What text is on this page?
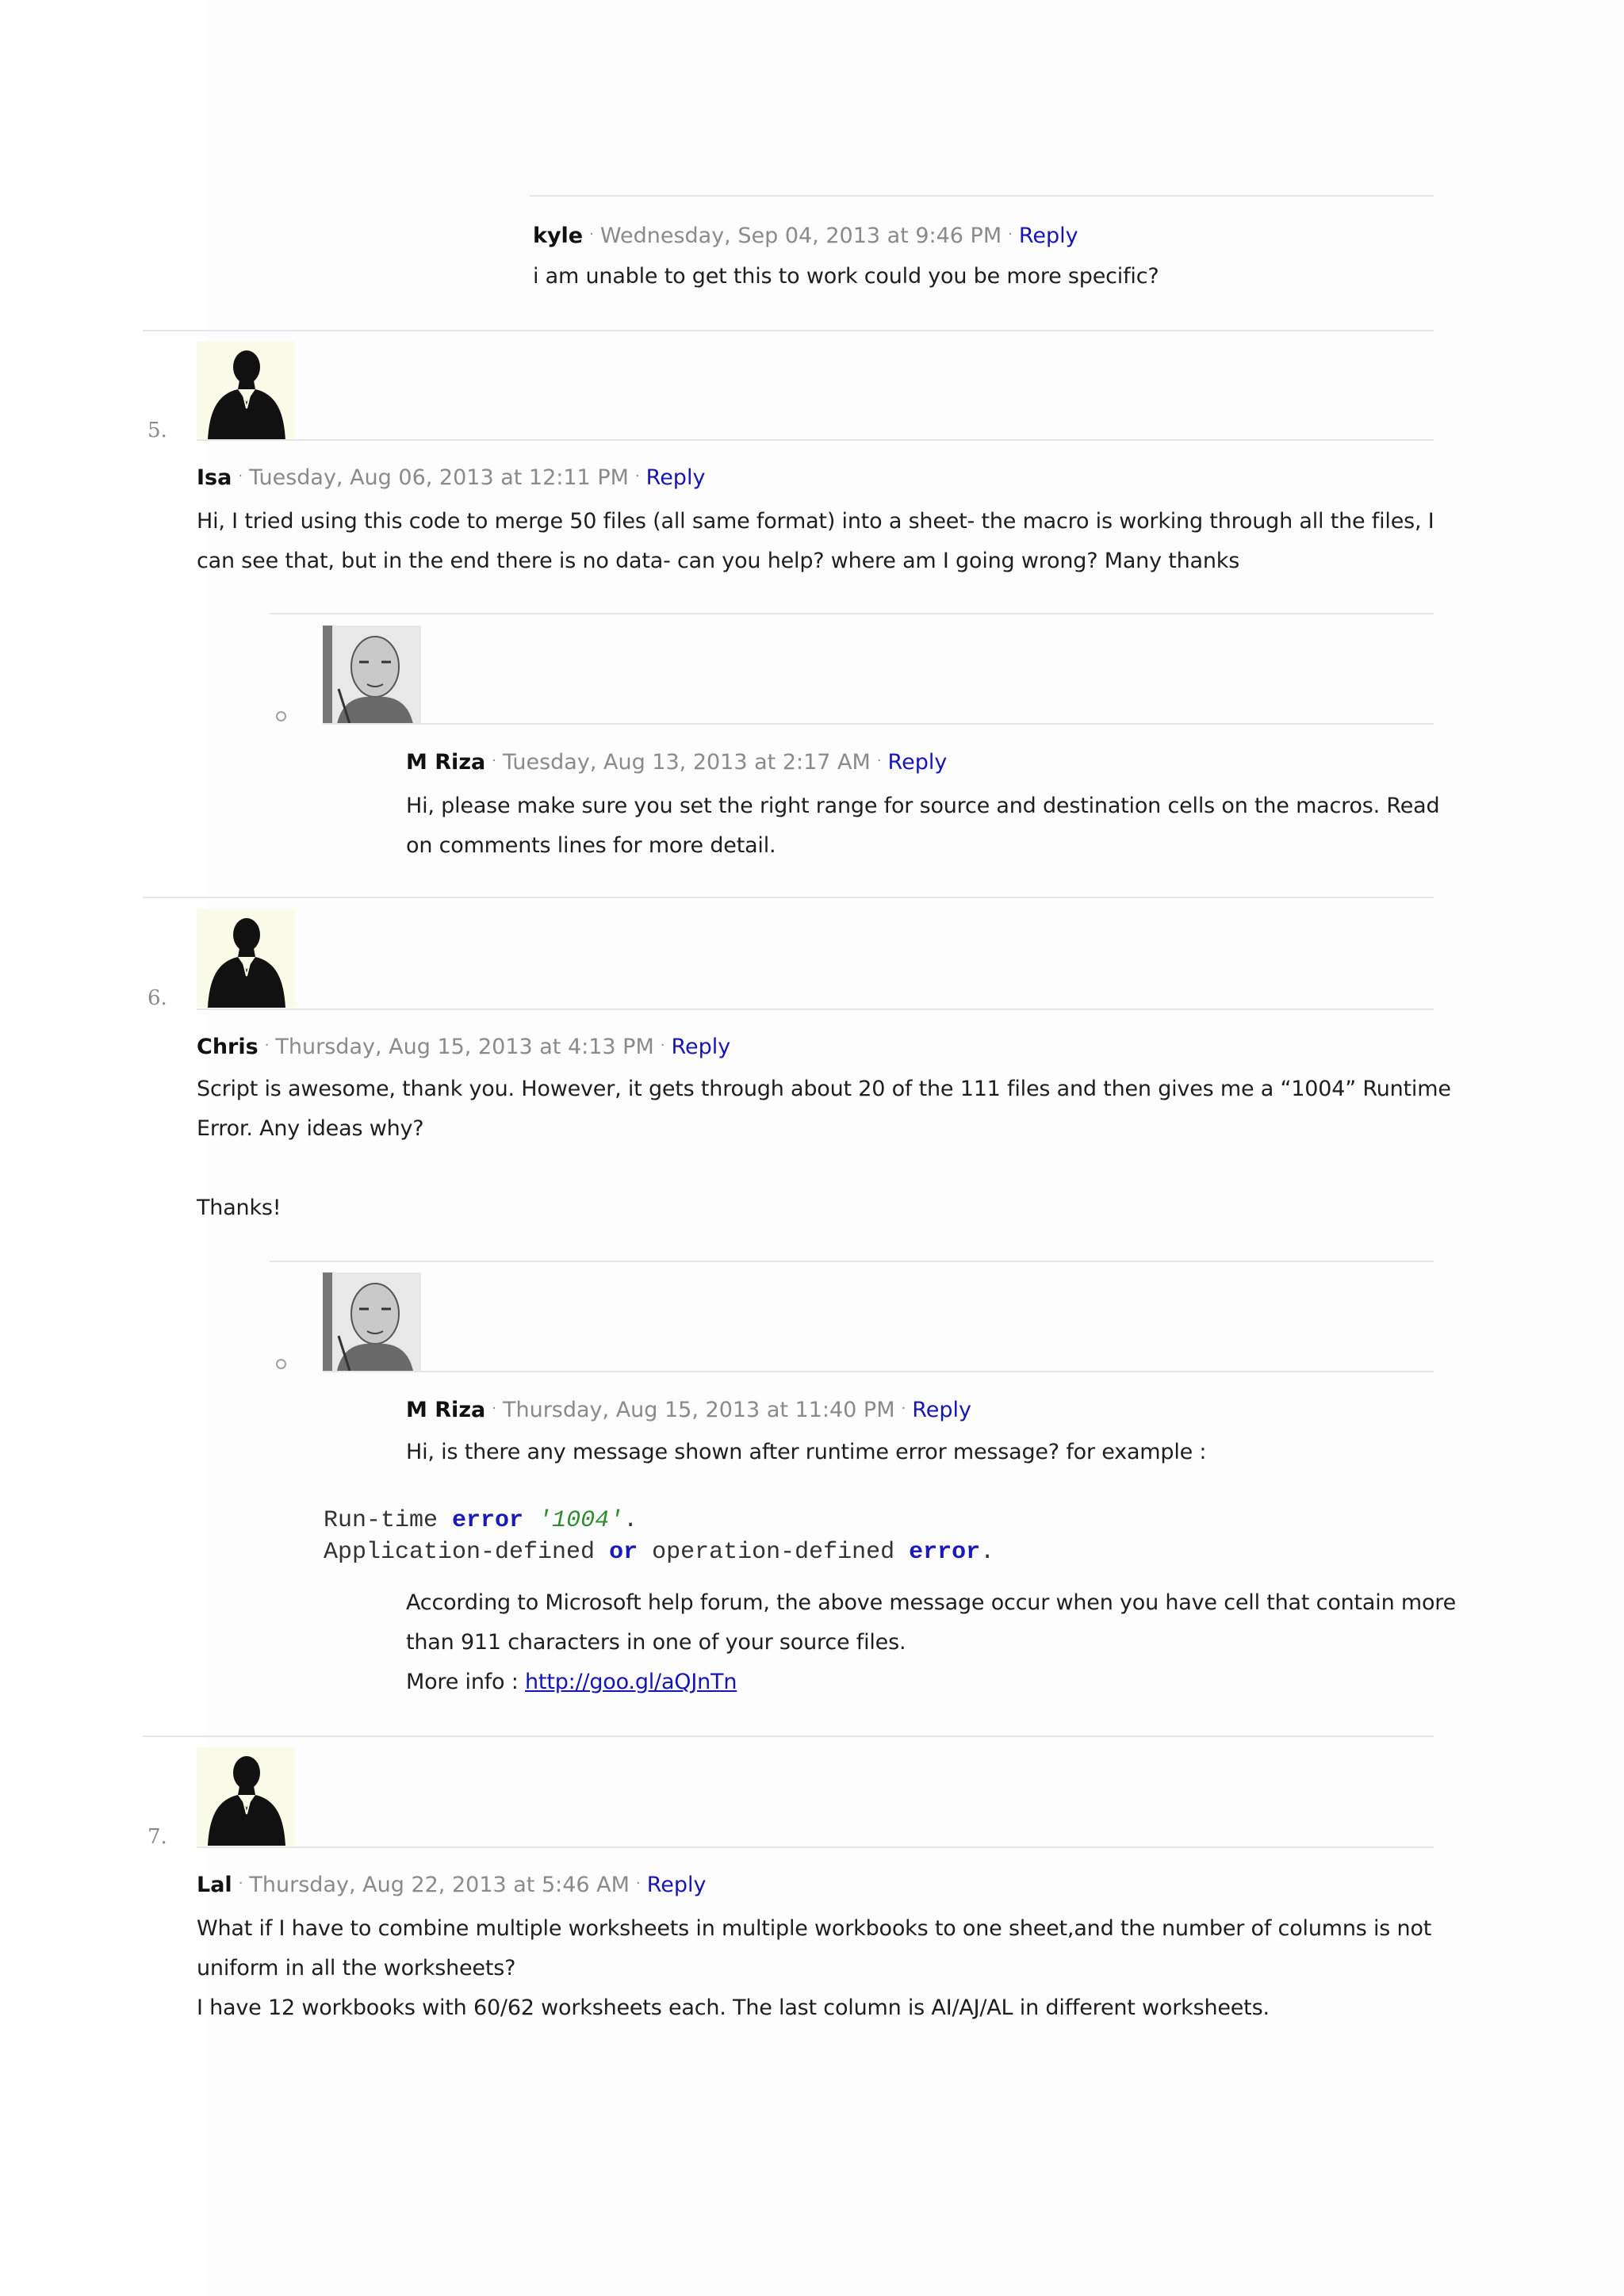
kyle · Wednesday, Sep 04, 2013 at 9:46 PM · Reply
i am unable to get this to work could you be more specific?
5.
Isa · Tuesday, Aug 06, 2013 at 12:11 PM · Reply
Hi, I tried using this code to merge 50 files (all same format) into a sheet- the macro is working through all the files, I
can see that, but in the end there is no data- can you help? where am I going wrong? Many thanks
M Riza · Tuesday, Aug 13, 2013 at 2:17 AM · Reply
Hi, please make sure you set the right range for source and destination cells on the macros. Read
on comments lines for more detail.
6.
Chris · Thursday, Aug 15, 2013 at 4:13 PM · Reply
Script is awesome, thank you. However, it gets through about 20 of the 111 files and then gives me a “1004” Runtime
Error. Any ideas why?
Thanks!
M Riza · Thursday, Aug 15, 2013 at 11:40 PM · Reply
Hi, is there any message shown after runtime error message? for example :
Run-time error '1004'.
Application-defined or operation-defined error.
According to Microsoft help forum, the above message occur when you have cell that contain more
than 911 characters in one of your source files.
More info : http://goo.gl/aQJnTn
7.
Lal · Thursday, Aug 22, 2013 at 5:46 AM · Reply
What if I have to combine multiple worksheets in multiple workbooks to one sheet,and the number of columns is not
uniform in all the worksheets?
I have 12 workbooks with 60/62 worksheets each. The last column is AI/AJ/AL in different worksheets.
